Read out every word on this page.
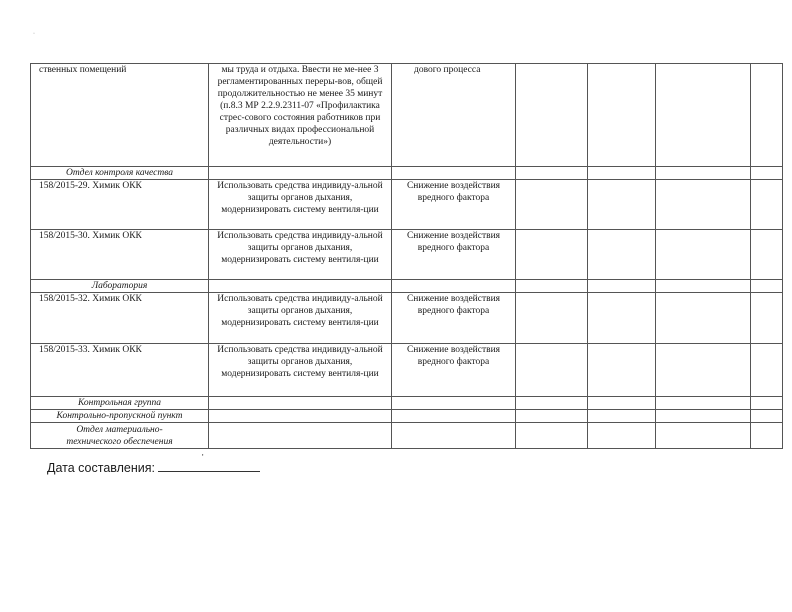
·
ственных помещений	мы труда и отдыха. Ввести не ме-нее 3 регламентированных переры-вов, общей продолжительностью не менее 35 минут (п.8.3 МР 2.2.9.2311-07 «Профилактика стрес-сового состояния работников при различных видах профессиональной деятельности»)	дового процесса				
Отдел контроля качества						
158/2015-29. Химик ОКК	Использовать средства индивиду-альной защиты органов дыхания, модернизировать систему вентиля-ции	Снижение воздействия вредного фактора				
158/2015-30. Химик ОКК	Использовать средства индивиду-альной защиты органов дыхания, модернизировать систему вентиля-ции	Снижение воздействия вредного фактора				
Лаборатория						
158/2015-32. Химик ОКК	Использовать средства индивиду-альной защиты органов дыхания, модернизировать систему вентиля-ции	Снижение воздействия вредного фактора				
158/2015-33. Химик ОКК	Использовать средства индивиду-альной защиты органов дыхания, модернизировать систему вентиля-ции	Снижение воздействия вредного фактора				
Контрольная группа						
Контрольно-пропускной пункт						
Отдел материально-технического обеспечения						
Дата составления:
'
